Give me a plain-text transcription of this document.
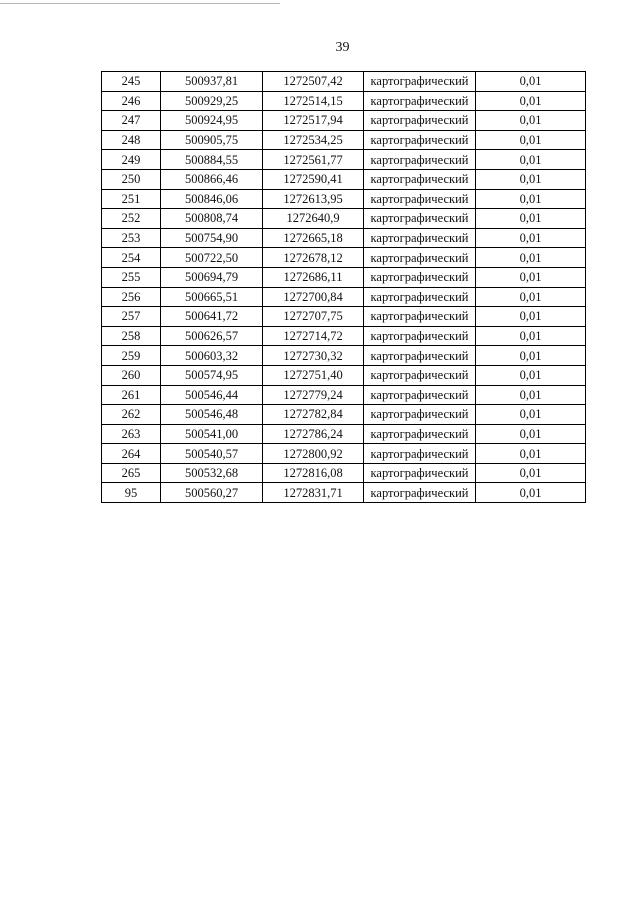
39
245	500937,81	1272507,42	картографический	0,01
246	500929,25	1272514,15	картографический	0,01
247	500924,95	1272517,94	картографический	0,01
248	500905,75	1272534,25	картографический	0,01
249	500884,55	1272561,77	картографический	0,01
250	500866,46	1272590,41	картографический	0,01
251	500846,06	1272613,95	картографический	0,01
252	500808,74	1272640,9	картографический	0,01
253	500754,90	1272665,18	картографический	0,01
254	500722,50	1272678,12	картографический	0,01
255	500694,79	1272686,11	картографический	0,01
256	500665,51	1272700,84	картографический	0,01
257	500641,72	1272707,75	картографический	0,01
258	500626,57	1272714,72	картографический	0,01
259	500603,32	1272730,32	картографический	0,01
260	500574,95	1272751,40	картографический	0,01
261	500546,44	1272779,24	картографический	0,01
262	500546,48	1272782,84	картографический	0,01
263	500541,00	1272786,24	картографический	0,01
264	500540,57	1272800,92	картографический	0,01
265	500532,68	1272816,08	картографический	0,01
95	500560,27	1272831,71	картографический	0,01
